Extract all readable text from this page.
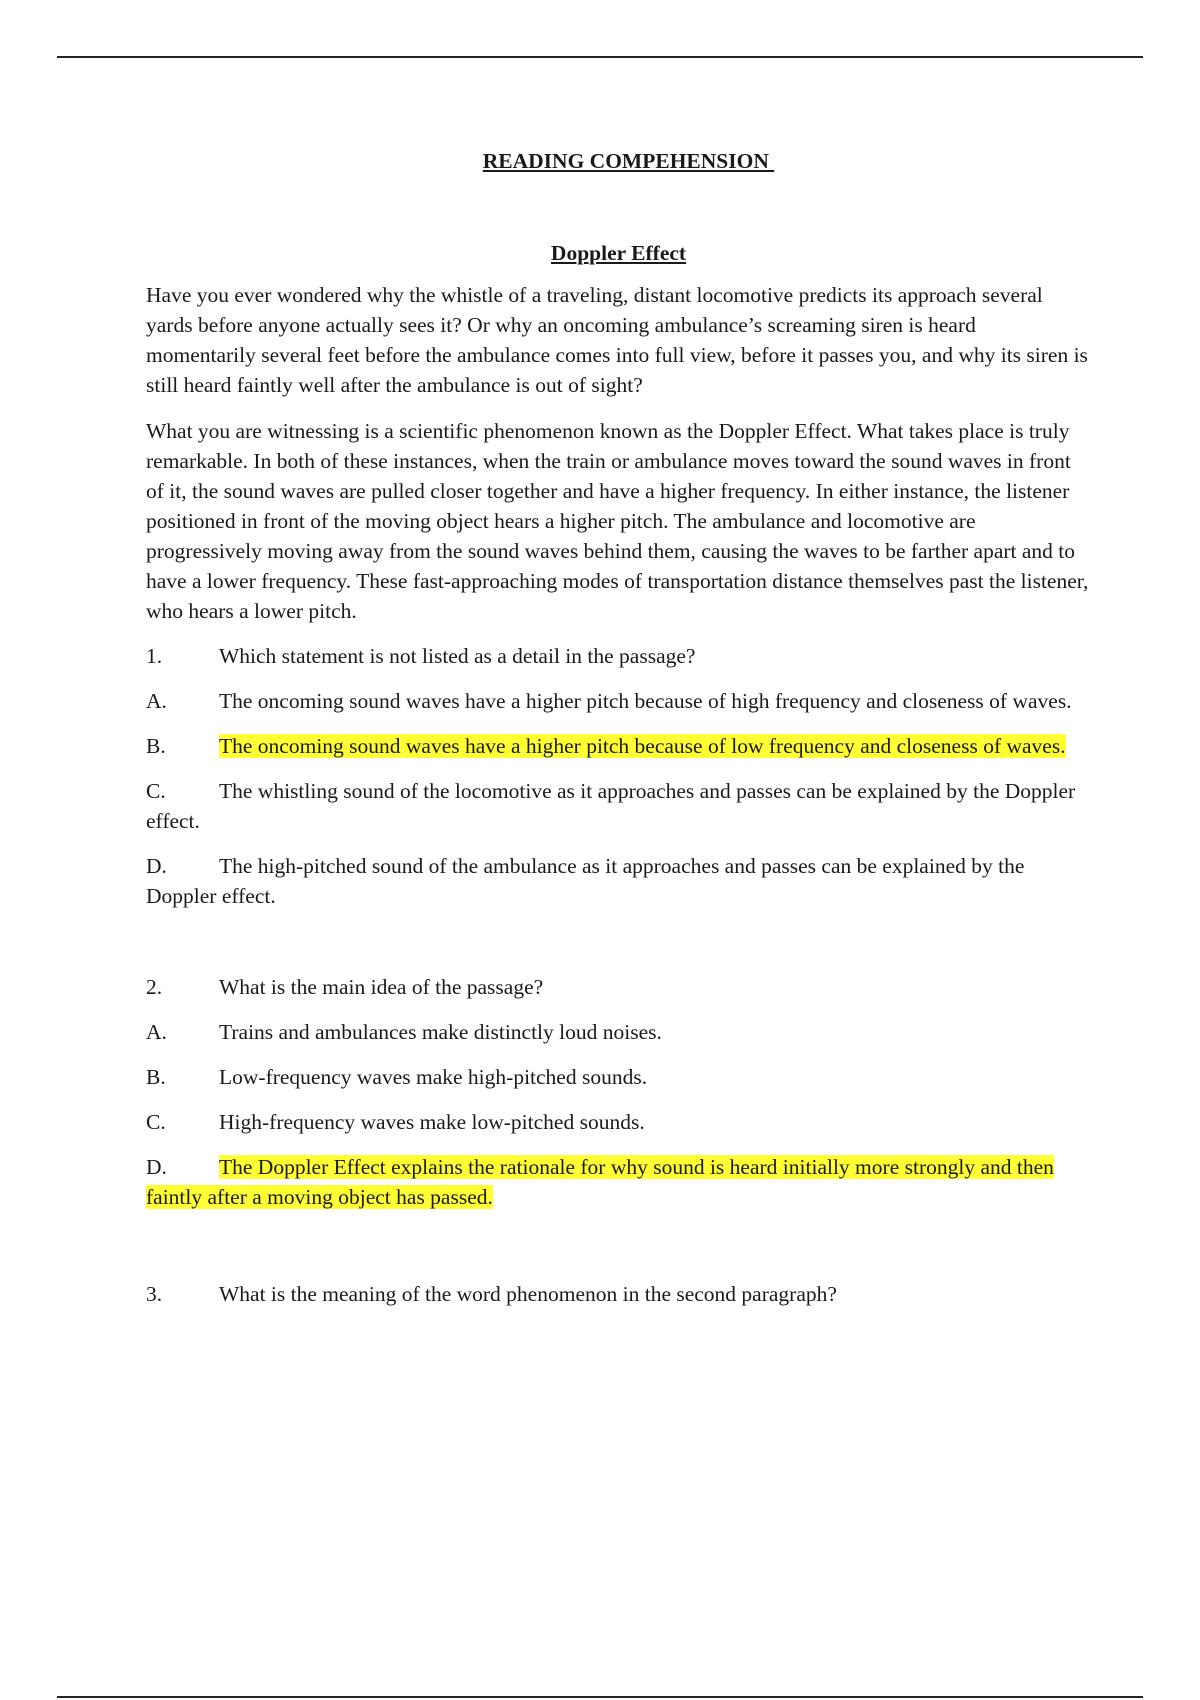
READING COMPEHENSION
Doppler Effect

Have you ever wondered why the whistle of a traveling, distant locomotive predicts its approach several yards before anyone actually sees it? Or why an oncoming ambulance’s screaming siren is heard momentarily several feet before the ambulance comes into full view, before it passes you, and why its siren is still heard faintly well after the ambulance is out of sight?

What you are witnessing is a scientific phenomenon known as the Doppler Effect. What takes place is truly remarkable. In both of these instances, when the train or ambulance moves toward the sound waves in front of it, the sound waves are pulled closer together and have a higher frequency. In either instance, the listener positioned in front of the moving object hears a higher pitch. The ambulance and locomotive are progressively moving away from the sound waves behind them, causing the waves to be farther apart and to have a lower frequency. These fast-approaching modes of transportation distance themselves past the listener, who hears a lower pitch.

1.	Which statement is not listed as a detail in the passage?
A. The oncoming sound waves have a higher pitch because of high frequency and closeness of waves.
B. The oncoming sound waves have a higher pitch because of low frequency and closeness of waves.
C. The whistling sound of the locomotive as it approaches and passes can be explained by the Doppler effect.
D. The high-pitched sound of the ambulance as it approaches and passes can be explained by the Doppler effect.
2.	What is the main idea of the passage?
A. Trains and ambulances make distinctly loud noises.
B. Low-frequency waves make high-pitched sounds.
C. High-frequency waves make low-pitched sounds.
D. The Doppler Effect explains the rationale for why sound is heard initially more strongly and then faintly after a moving object has passed.
3.	What is the meaning of the word phenomenon in the second paragraph?
